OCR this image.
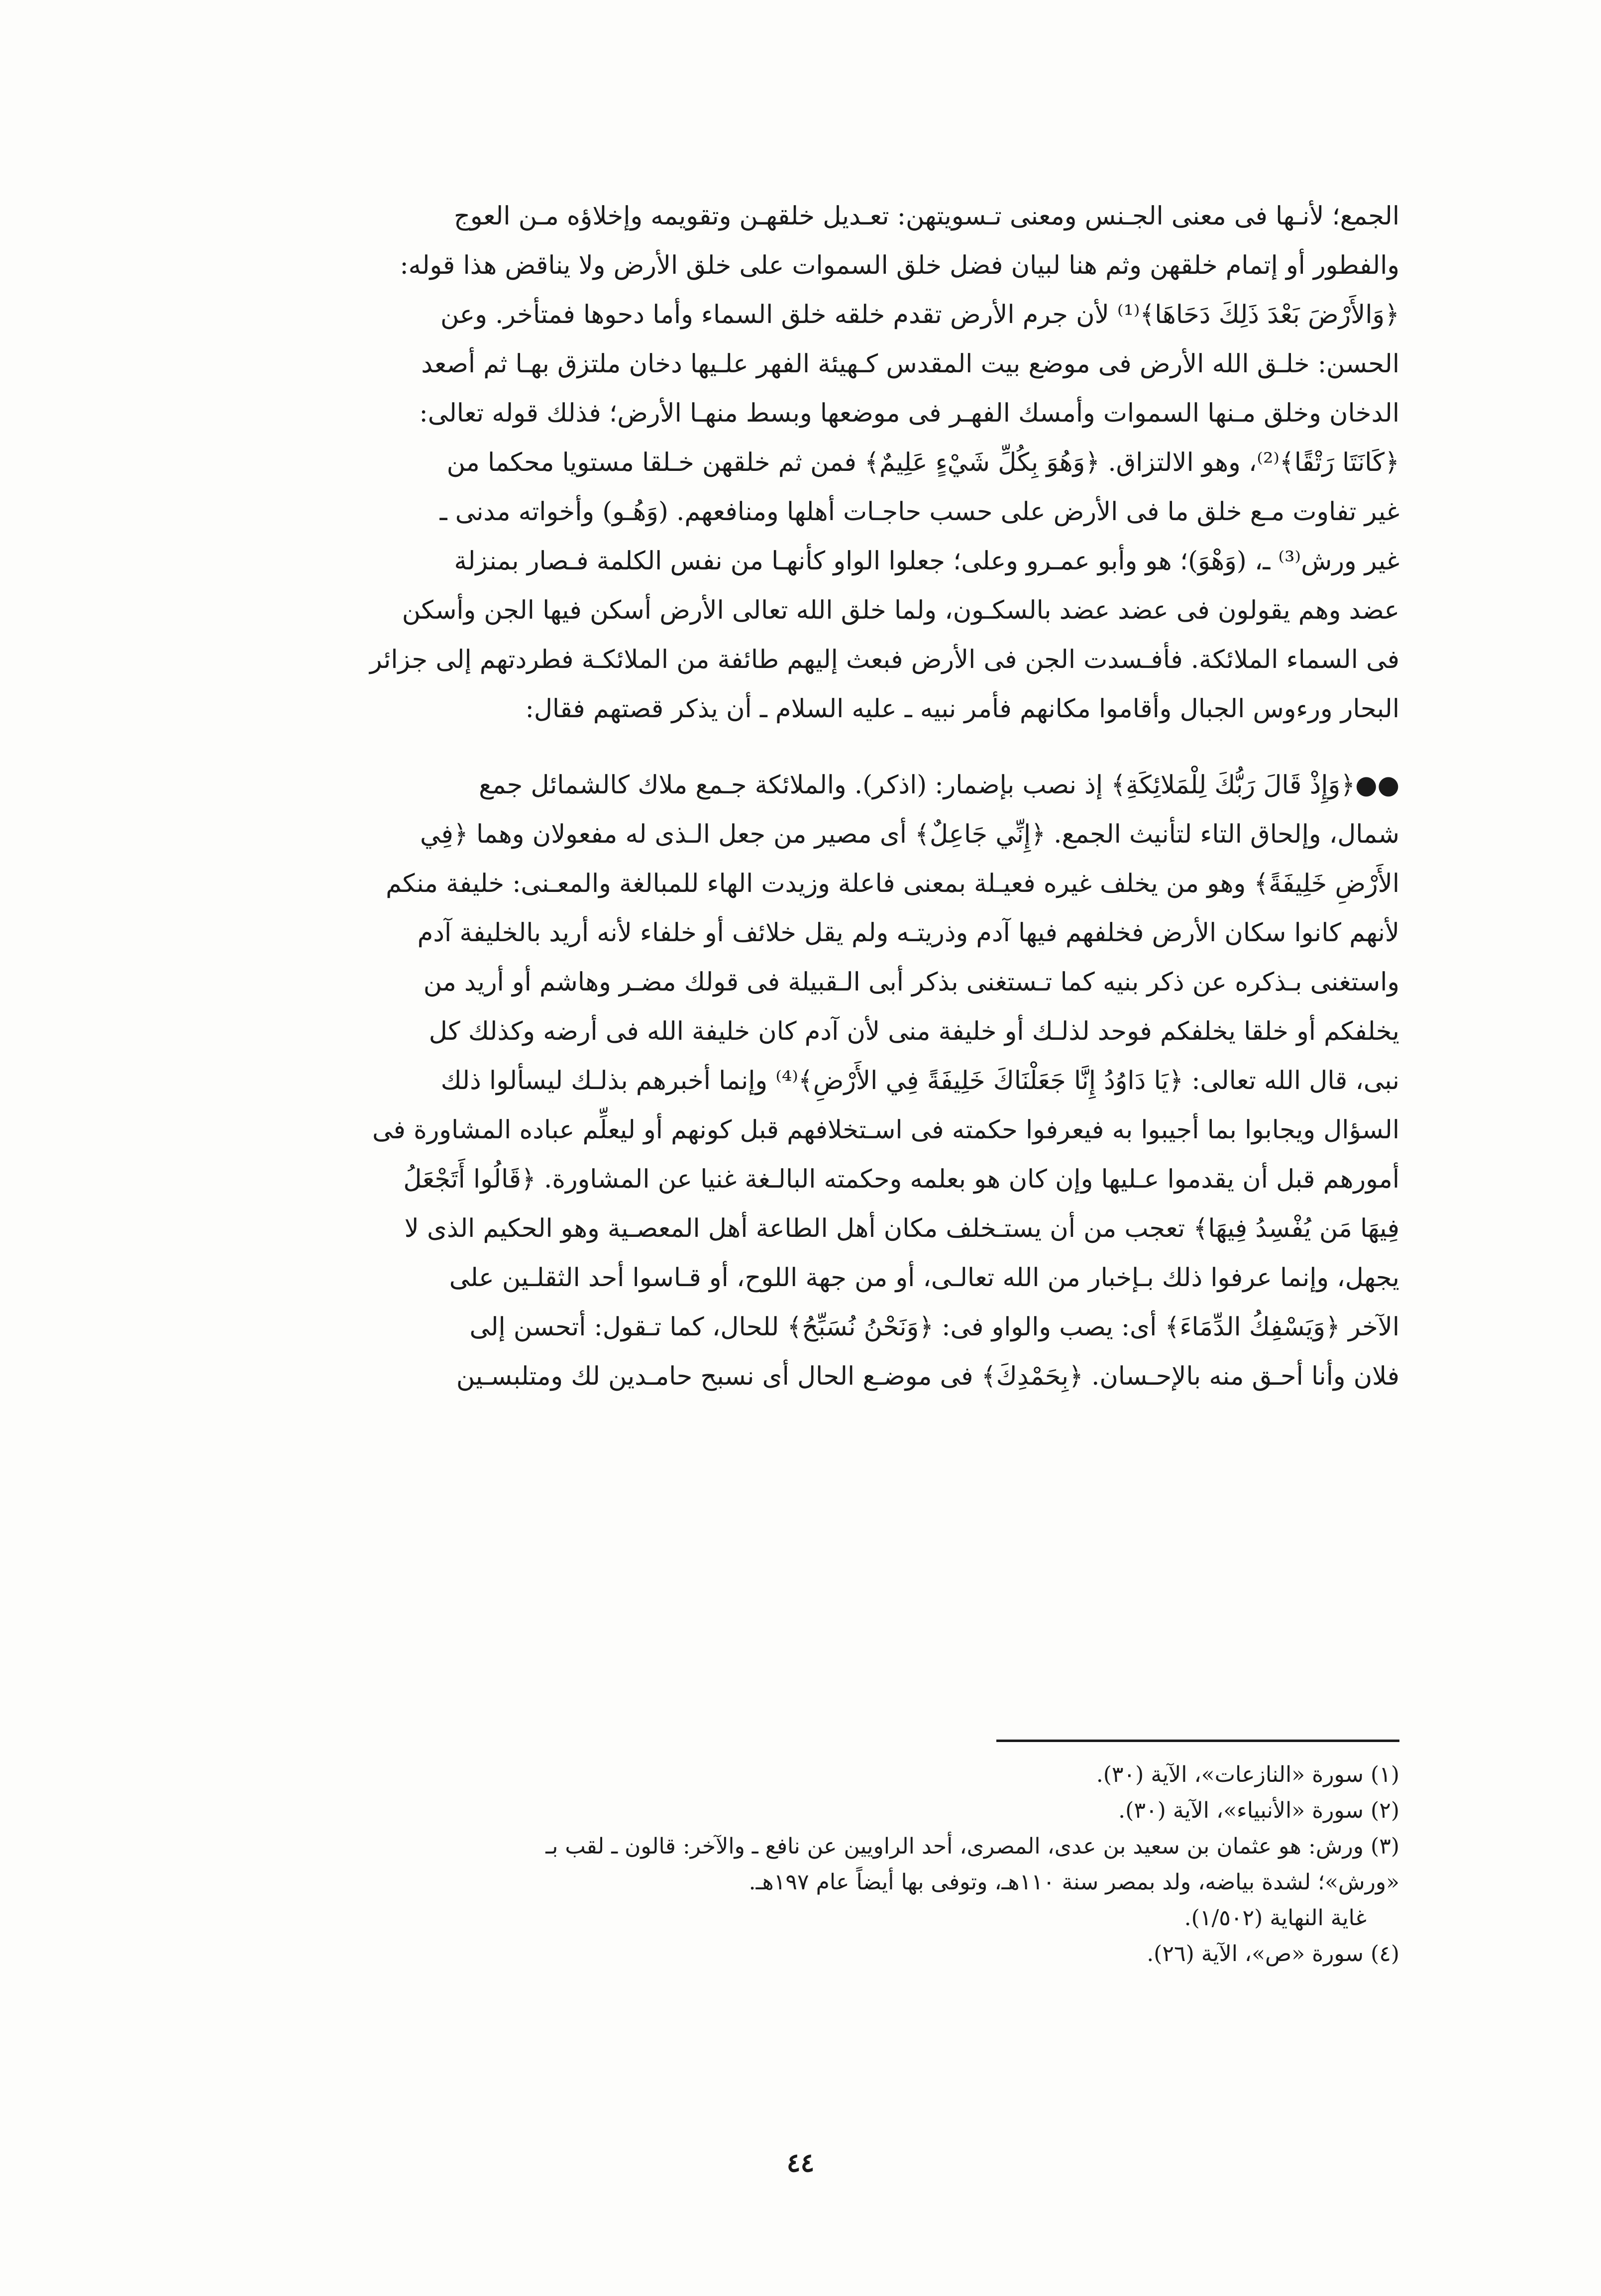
الجمع؛ لأنـها فى معنى الجـنس ومعنى تـسويتهن: تعـديل خلقهـن وتقويمه وإخلاؤه مـن العوج
والفطور أو إتمام خلقهن وثم هنا لبيان فضل خلق السموات على خلق الأرض ولا يناقض هذا قوله:
﴿وَالأَرْضَ بَعْدَ ذَلِكَ دَحَاهَا﴾⁽¹⁾ لأن جرم الأرض تقدم خلقه خلق السماء وأما دحوها فمتأخر. وعن
الحسن: خلـق الله الأرض فى موضع بيت المقدس كـهيئة الفهر علـيها دخان ملتزق بهـا ثم أصعد
الدخان وخلق مـنها السموات وأمسك الفهـر فى موضعها وبسط منهـا الأرض؛ فذلك قوله تعالى:
﴿كَانَتَا رَتْقًا﴾⁽²⁾، وهو الالتزاق. ﴿وَهُوَ بِكُلِّ شَيْءٍ عَلِيمٌ﴾ فمن ثم خلقهن خـلقا مستويا محكما من
غير تفاوت مـع خلق ما فى الأرض على حسب حاجـات أهلها ومنافعهم. (وَهُـو) وأخواته مدنى ـ
غير ورش⁽³⁾ ـ، (وَهْوَ)؛ هو وأبو عمـرو وعلى؛ جعلوا الواو كأنهـا من نفس الكلمة فـصار بمنزلة
عضد وهم يقولون فى عضد عضد بالسكـون، ولما خلق الله تعالى الأرض أسكن فيها الجن وأسكن
فى السماء الملائكة. فأفـسدت الجن فى الأرض فبعث إليهم طائفة من الملائكـة فطردتهم إلى جزائر
البحار ورءوس الجبال وأقاموا مكانهم فأمر نبيه ـ عليه السلام ـ أن يذكر قصتهم فقال:

●●﴿وَإِذْ قَالَ رَبُّكَ لِلْمَلائِكَةِ﴾ إذ نصب بإضمار: (اذكر). والملائكة جـمع ملاك كالشمائل جمع
شمال، وإلحاق التاء لتأنيث الجمع. ﴿إِنِّي جَاعِلٌ﴾ أى مصير من جعل الـذى له مفعولان وهما ﴿فِي
الأَرْضِ خَلِيفَةً﴾ وهو من يخلف غيره فعيـلة بمعنى فاعلة وزيدت الهاء للمبالغة والمعـنى: خليفة منكم
لأنهم كانوا سكان الأرض فخلفهم فيها آدم وذريتـه ولم يقل خلائف أو خلفاء لأنه أريد بالخليفة آدم
واستغنى بـذكره عن ذكر بنيه كما تـستغنى بذكر أبى الـقبيلة فى قولك مضـر وهاشم أو أريد من
يخلفكم أو خلقا يخلفكم فوحد لذلـك أو خليفة منى لأن آدم كان خليفة الله فى أرضه وكذلك كل
نبى، قال الله تعالى: ﴿يَا دَاوُدُ إِنَّا جَعَلْنَاكَ خَلِيفَةً فِي الأَرْضِ﴾⁽⁴⁾ وإنما أخبرهم بذلـك ليسألوا ذلك
السؤال ويجابوا بما أجيبوا به فيعرفوا حكمته فى اسـتخلافهم قبل كونهم أو ليعلِّم عباده المشاورة فى
أمورهم قبل أن يقدموا عـليها وإن كان هو بعلمه وحكمته البالـغة غنيا عن المشاورة. ﴿قَالُوا أَتَجْعَلُ
فِيهَا مَن يُفْسِدُ فِيهَا﴾ تعجب من أن يستـخلف مكان أهل الطاعة أهل المعصـية وهو الحكيم الذى لا
يجهل، وإنما عرفوا ذلك بـإخبار من الله تعالـى، أو من جهة اللوح، أو قـاسوا أحد الثقلـين على
الآخر ﴿وَيَسْفِكُ الدِّمَاءَ﴾ أى: يصب والواو فى: ﴿وَنَحْنُ نُسَبِّحُ﴾ للحال، كما تـقول: أتحسن إلى
فلان وأنا أحـق منه بالإحـسان. ﴿بِحَمْدِكَ﴾ فى موضـع الحال أى نسبح حامـدين لك ومتلبسـين

(١) سورة «النازعات»، الآية (٣٠).

(٢) سورة «الأنبياء»، الآية (٣٠).

(٣) ورش: هو عثمان بن سعيد بن عدى، المصرى، أحد الراويين عن نافع ـ والآخر: قالون ـ لقب بـ

«ورش»؛ لشدة بياضه، ولد بمصر سنة ١١٠هـ، وتوفى بها أيضاً عام ١٩٧هـ.

غاية النهاية (١/٥٠٢).

(٤) سورة «ص»، الآية (٢٦).

٤٤
